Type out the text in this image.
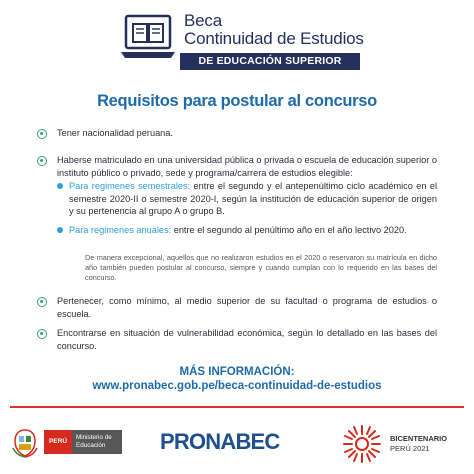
Beca
Continuidad de Estudios
DE EDUCACIÓN SUPERIOR
Requisitos para postular al concurso
Tener nacionalidad peruana.
Haberse matriculado en una universidad pública o privada o escuela de educación superior o instituto público o privado, sede y programa/carrera de estudios elegible:
Para regimenes semestrales: entre el segundo y el antepenúltimo ciclo académico en el semestre 2020-II o semestre 2020-I, según la institución de educación superior de origen y su pertenencia al grupo A o grupo B.
Para regimenes anuales: entre el segundo al penúltimo año en el año lectivo 2020.
De manera excepcional, aquellos que no realizaron estudios en el 2020 o reservaron su matrícula en dicho año también pueden postular al concurso, siempre y cuando cumplan con lo requerido en las bases del concurso.
Pertenecer, como mínimo, al medio superior de su facultad o programa de estudios o escuela.
Encontrarse en situación de vulnerabilidad económica, según lo detallado en las bases del concurso.
MÁS INFORMACIÓN:
www.pronabec.gob.pe/beca-continuidad-de-estudios
PERÚ
Ministerio de Educación	PRONABEC	BICENTENARIO
PERÚ 2021
